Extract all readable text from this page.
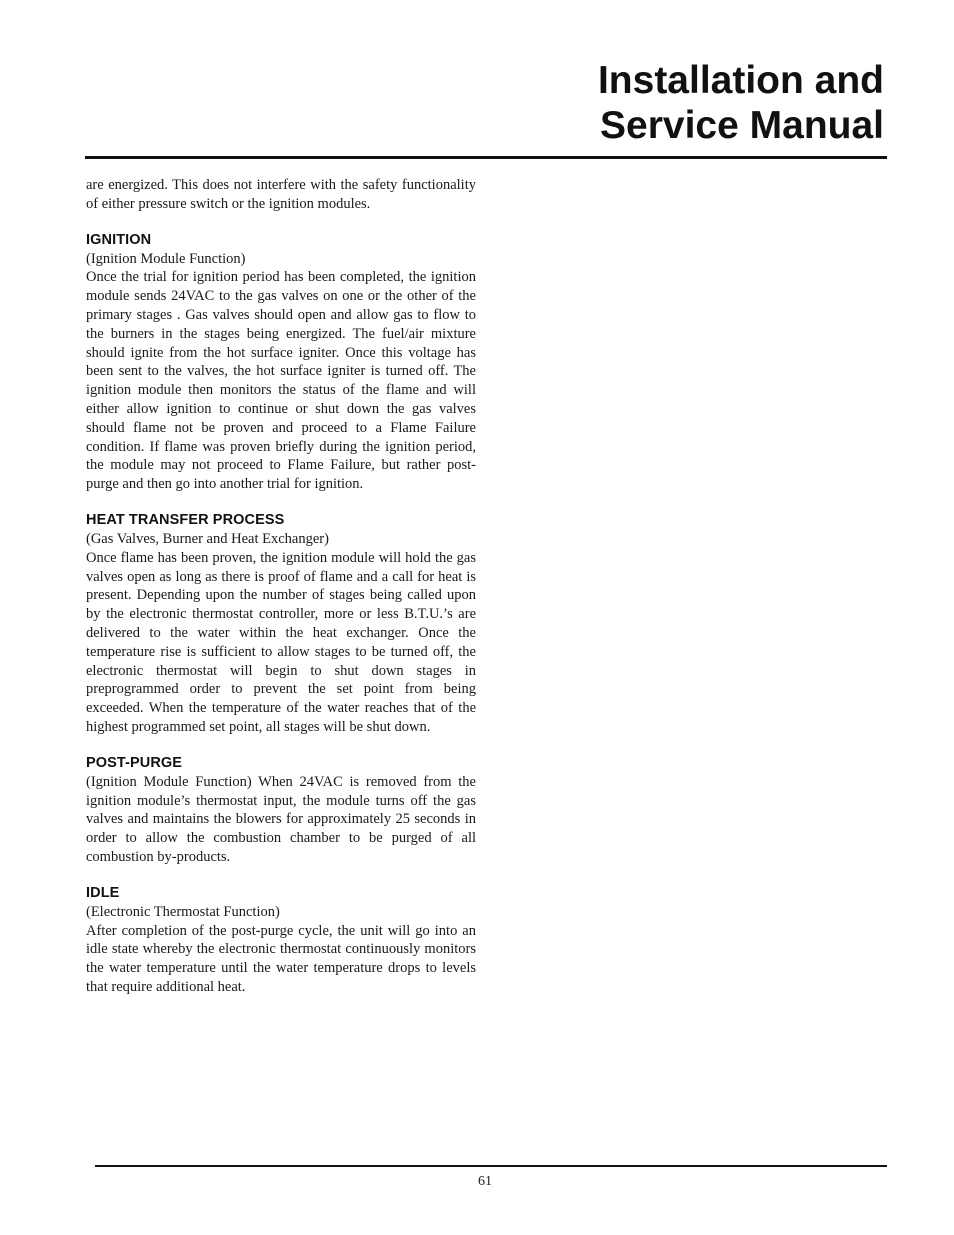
Installation and
Service Manual

are energized. This does not interfere with the safety functionality of either pressure switch or the ignition modules.

IGNITION

(Ignition Module Function)

Once the trial for ignition period has been completed, the ignition module sends 24VAC to the gas valves on one or the other of the primary stages . Gas valves should open and allow gas to flow to the burners in the stages being energized. The fuel/air mixture should ignite from the hot surface igniter. Once this voltage has been sent to the valves, the hot surface igniter is turned off. The ignition module then monitors the status of the flame and will either allow ignition to continue or shut down the gas valves should flame not be proven and proceed to a Flame Failure condition. If flame was proven briefly during the ignition period, the module may not proceed to Flame Failure, but rather post-purge and then go into another trial for ignition.

HEAT TRANSFER PROCESS

(Gas Valves, Burner and Heat Exchanger)

Once flame has been proven, the ignition module will hold the gas valves open as long as there is proof of flame and a call for heat is present. Depending upon the number of stages being called upon by the electronic thermostat controller, more or less B.T.U.’s are delivered to the water within the heat exchanger. Once the temperature rise is sufficient to allow stages to be turned off, the electronic thermostat will begin to shut down stages in preprogrammed order to prevent the set point from being exceeded. When the temperature of the water reaches that of the highest programmed set point, all stages will be shut down.

POST-PURGE

(Ignition Module Function) When 24VAC is removed from the ignition module’s thermostat input, the module turns off the gas valves and maintains the blowers for approximately 25 seconds in order to allow the combustion chamber to be purged of all combustion by-products.

IDLE

(Electronic Thermostat Function)

After completion of the post-purge cycle, the unit will go into an idle state whereby the electronic thermostat continuously monitors the water temperature until the water temperature drops to levels that require additional heat.

61
